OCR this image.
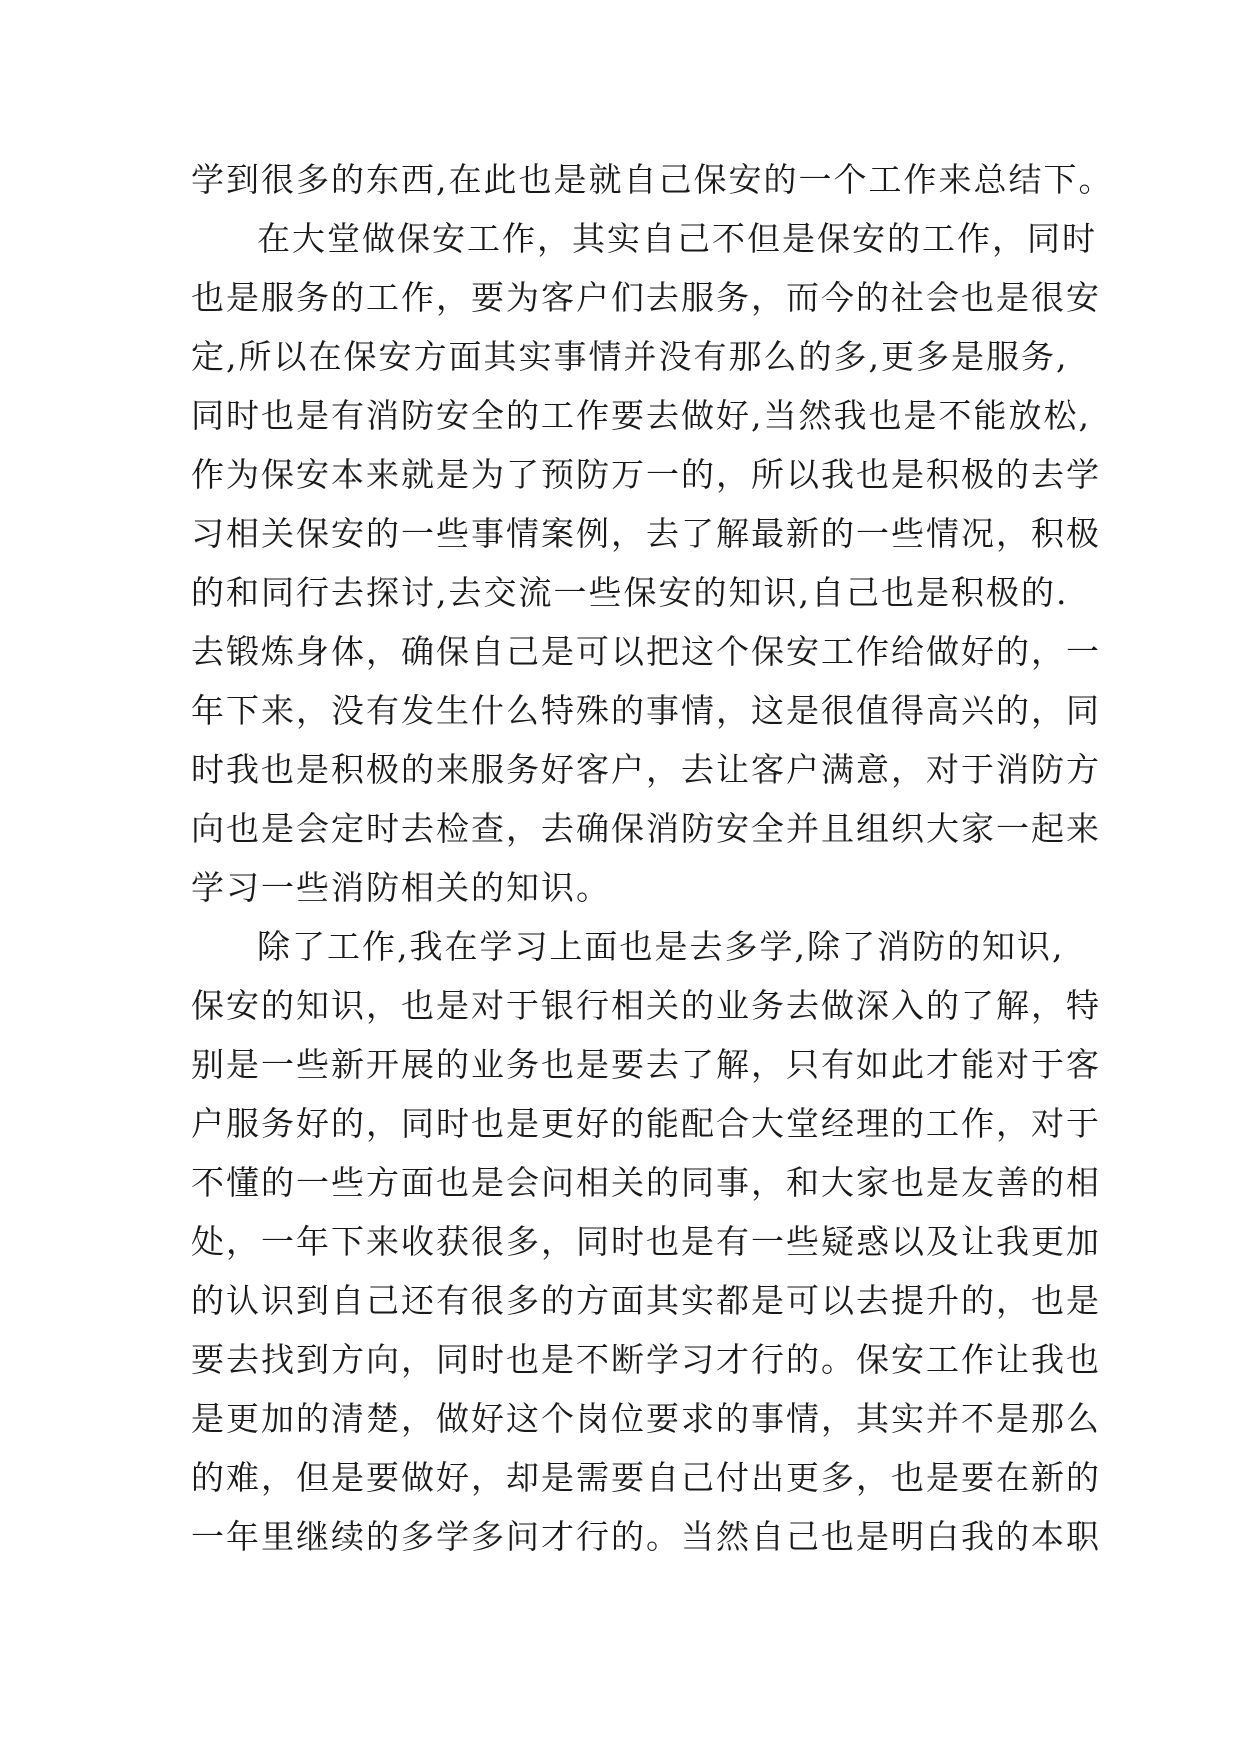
学到很多的东西,在此也是就自己保安的一个工作来总结下。
在大堂做保安工作，其实自己不但是保安的工作，同时
也是服务的工作，要为客户们去服务，而今的社会也是很安
定,所以在保安方面其实事情并没有那么的多,更多是服务,
同时也是有消防安全的工作要去做好,当然我也是不能放松,
作为保安本来就是为了预防万一的，所以我也是积极的去学
习相关保安的一些事情案例，去了解最新的一些情况，积极
的和同行去探讨,去交流一些保安的知识,自己也是积极的.
去锻炼身体，确保自己是可以把这个保安工作给做好的，一
年下来，没有发生什么特殊的事情，这是很值得高兴的，同
时我也是积极的来服务好客户，去让客户满意，对于消防方
向也是会定时去检查，去确保消防安全并且组织大家一起来
学习一些消防相关的知识。
除了工作,我在学习上面也是去多学,除了消防的知识,
保安的知识，也是对于银行相关的业务去做深入的了解，特
别是一些新开展的业务也是要去了解，只有如此才能对于客
户服务好的，同时也是更好的能配合大堂经理的工作，对于
不懂的一些方面也是会问相关的同事，和大家也是友善的相
处，一年下来收获很多，同时也是有一些疑惑以及让我更加
的认识到自己还有很多的方面其实都是可以去提升的，也是
要去找到方向，同时也是不断学习才行的。保安工作让我也
是更加的清楚，做好这个岗位要求的事情，其实并不是那么
的难，但是要做好，却是需要自己付出更多，也是要在新的
一年里继续的多学多问才行的。当然自己也是明白我的本职
